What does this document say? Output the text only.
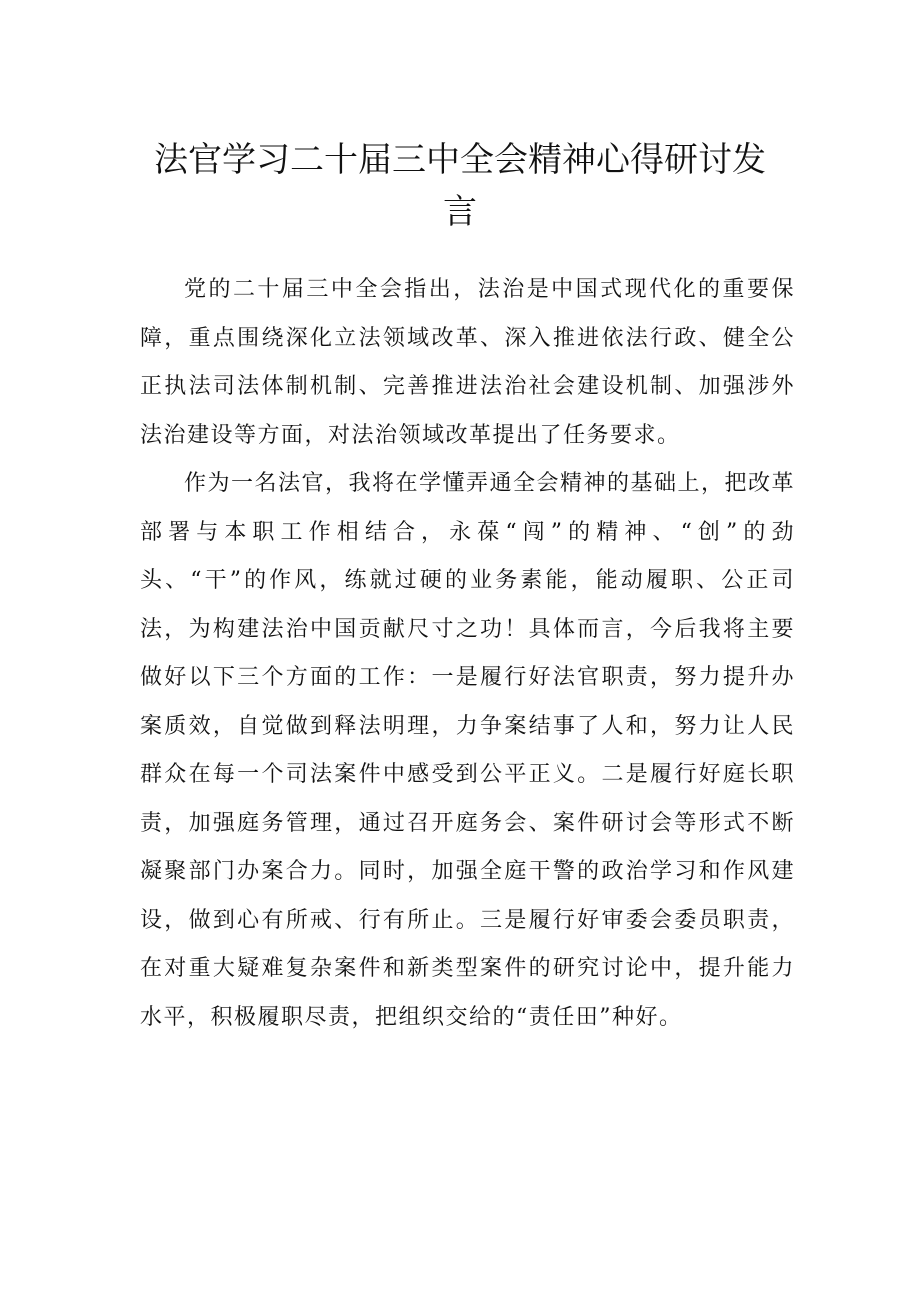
法官学习二十届三中全会精神心得研讨发言

党的二十届三中全会指出，法治是中国式现代化的重要保障，重点围绕深化立法领域改革、深入推进依法行政、健全公正执法司法体制机制、完善推进法治社会建设机制、加强涉外法治建设等方面，对法治领域改革提出了任务要求。

作为一名法官，我将在学懂弄通全会精神的基础上，把改革部署与本职工作相结合，永葆“闯”的精神、“创”的劲头、“干”的作风，练就过硬的业务素能，能动履职、公正司法，为构建法治中国贡献尺寸之功！具体而言，今后我将主要做好以下三个方面的工作：一是履行好法官职责，努力提升办案质效，自觉做到释法明理，力争案结事了人和，努力让人民群众在每一个司法案件中感受到公平正义。二是履行好庭长职责，加强庭务管理，通过召开庭务会、案件研讨会等形式不断凝聚部门办案合力。同时，加强全庭干警的政治学习和作风建设，做到心有所戒、行有所止。三是履行好审委会委员职责，在对重大疑难复杂案件和新类型案件的研究讨论中，提升能力水平，积极履职尽责，把组织交给的“责任田”种好。
